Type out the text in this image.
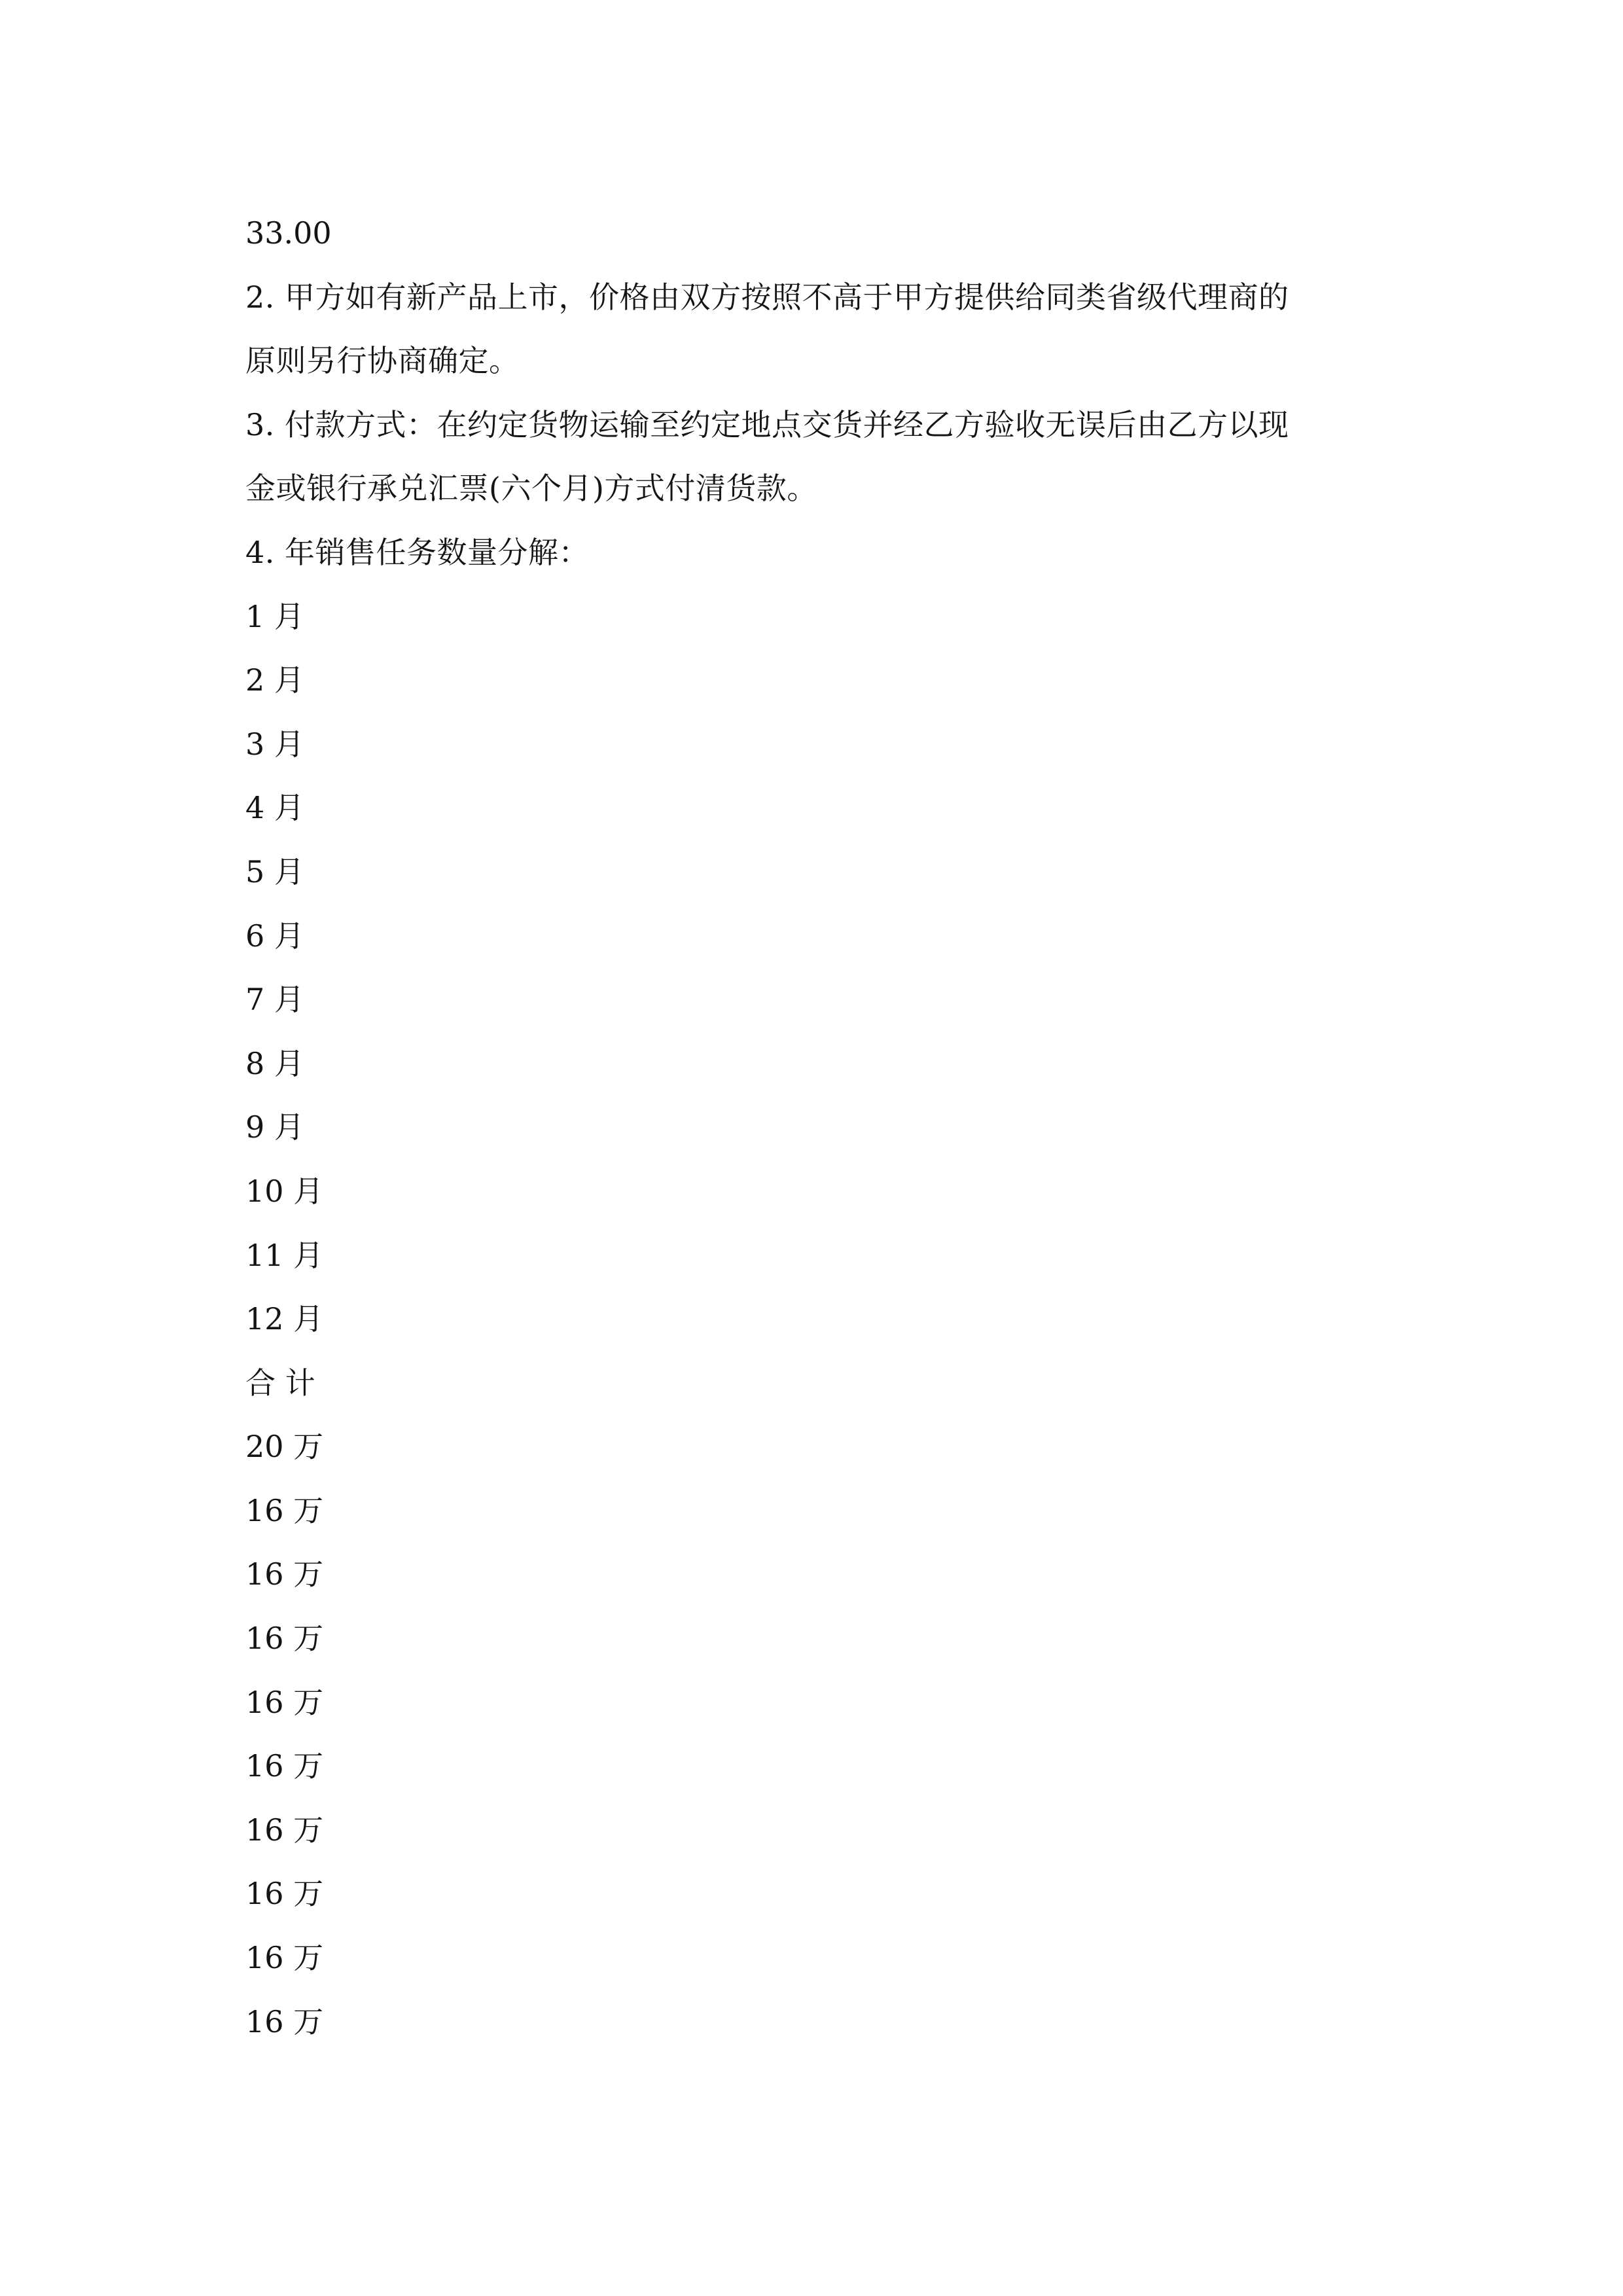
33.00
2. 甲方如有新产品上市，价格由双方按照不高于甲方提供给同类省级代理商的
原则另行协商确定。
3. 付款方式：在约定货物运输至约定地点交货并经乙方验收无误后由乙方以现
金或银行承兑汇票(六个月)方式付清货款。
4. 年销售任务数量分解：
1 月
2 月
3 月
4 月
5 月
6 月
7 月
8 月
9 月
10 月
11 月
12 月
合 计
20 万
16 万
16 万
16 万
16 万
16 万
16 万
16 万
16 万
16 万
